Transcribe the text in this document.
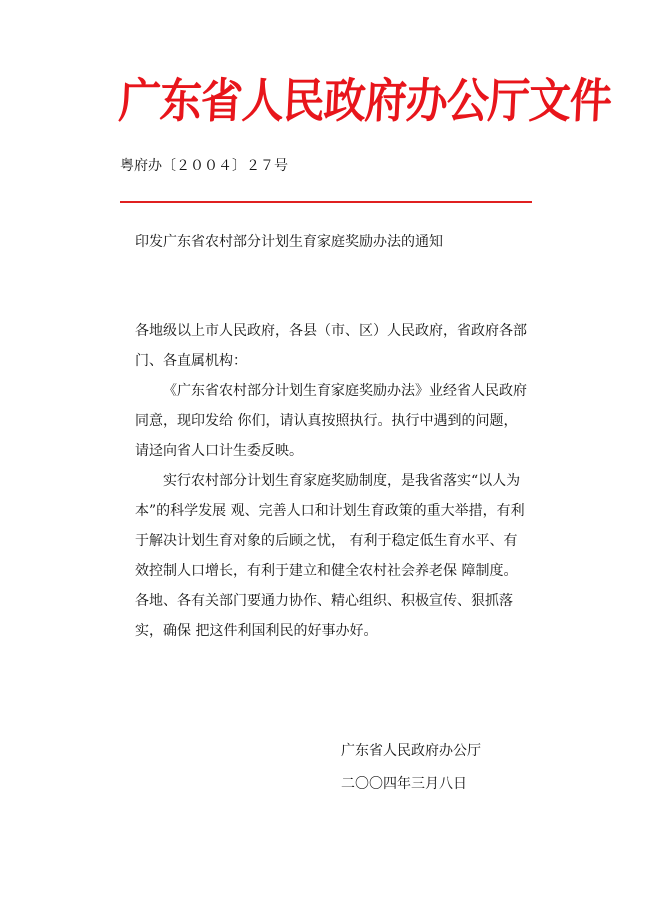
广东省人民政府办公厅文件
粤府办〔２００４〕２７号
印发广东省农村部分计划生育家庭奖励办法的通知

各地级以上市人民政府，各县（市、区）人民政府，省政府各部门、各直属机构：

《广东省农村部分计划生育家庭奖励办法》业经省人民政府同意，现印发给 你们，请认真按照执行。执行中遇到的问题，请迳向省人口计生委反映。

实行农村部分计划生育家庭奖励制度，是我省落实“以人为本”的科学发展 观、完善人口和计划生育政策的重大举措，有利于解决计划生育对象的后顾之忧， 有利于稳定低生育水平、有效控制人口增长，有利于建立和健全农村社会养老保 障制度。各地、各有关部门要通力协作、精心组织、积极宣传、狠抓落实，确保 把这件利国利民的好事办好。

广东省人民政府办公厅
二〇〇四年三月八日
